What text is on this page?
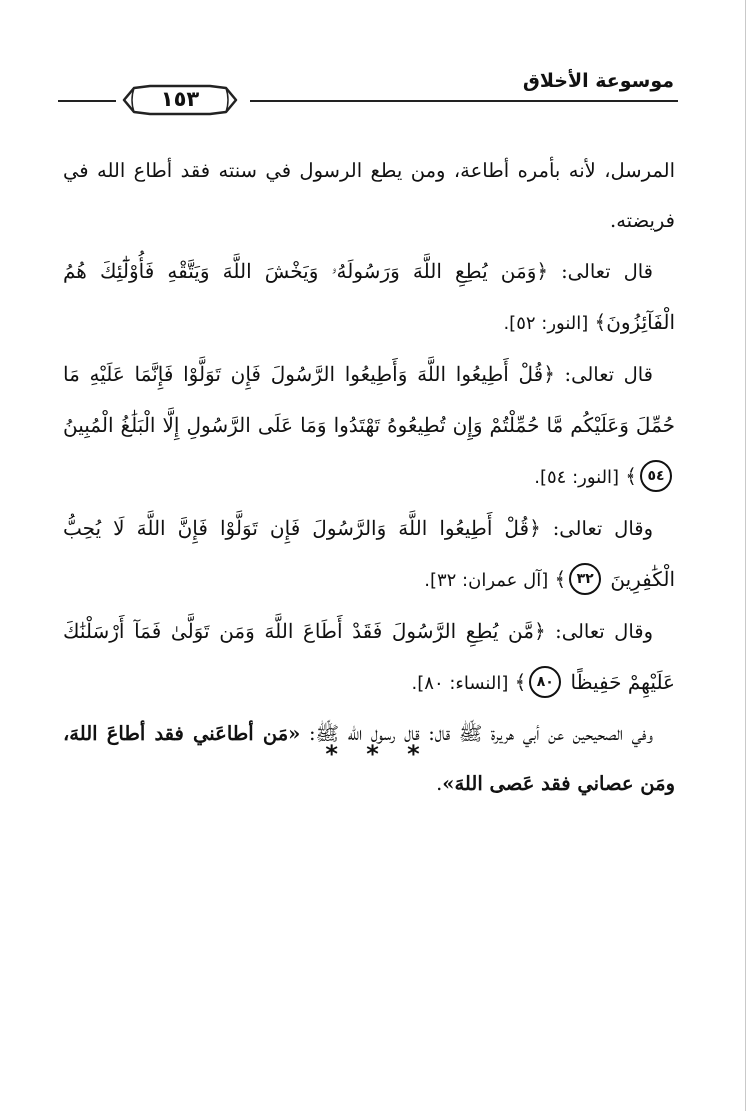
موسوعة الأخلاق
١٥٣

المرسل، لأنه بأمره أطاعة، ومن يطع الرسول في سنته فقد أطاع الله في فريضته.

قال تعالى: ﴿وَمَن يُطِعِ اللَّهَ وَرَسُولَهُۥ وَيَخْشَ اللَّهَ وَيَتَّقْهِ فَأُوْلَٰٓئِكَ هُمُ الْفَآئِزُونَ﴾ [النور: ٥٢].

قال تعالى: ﴿قُلْ أَطِيعُوا اللَّهَ وَأَطِيعُوا الرَّسُولَ فَإِن تَوَلَّوْا فَإِنَّمَا عَلَيْهِ مَا حُمِّلَ وَعَلَيْكُم مَّا حُمِّلْتُمْ وَإِن تُطِيعُوهُ تَهْتَدُوا وَمَا عَلَى الرَّسُولِ إِلَّا الْبَلَٰغُ الْمُبِينُ ٥٤﴾ [النور: ٥٤].

وقال تعالى: ﴿قُلْ أَطِيعُوا اللَّهَ وَالرَّسُولَ فَإِن تَوَلَّوْا فَإِنَّ اللَّهَ لَا يُحِبُّ الْكَٰفِرِينَ ٣٢﴾ [آل عمران: ٣٢].

وقال تعالى: ﴿مَّن يُطِعِ الرَّسُولَ فَقَدْ أَطَاعَ اللَّهَ وَمَن تَوَلَّىٰ فَمَآ أَرْسَلْنَٰكَ عَلَيْهِمْ حَفِيظًا ٨٠﴾ [النساء: ٨٠].

وفي الصحيحين عن أبي هريرة ﷺ قال: قال رسول الله ﷺ: «مَن أطاعَني فقد أطاعَ اللهَ، ومَن عصاني فقد عَصى اللهَ».

* * *
